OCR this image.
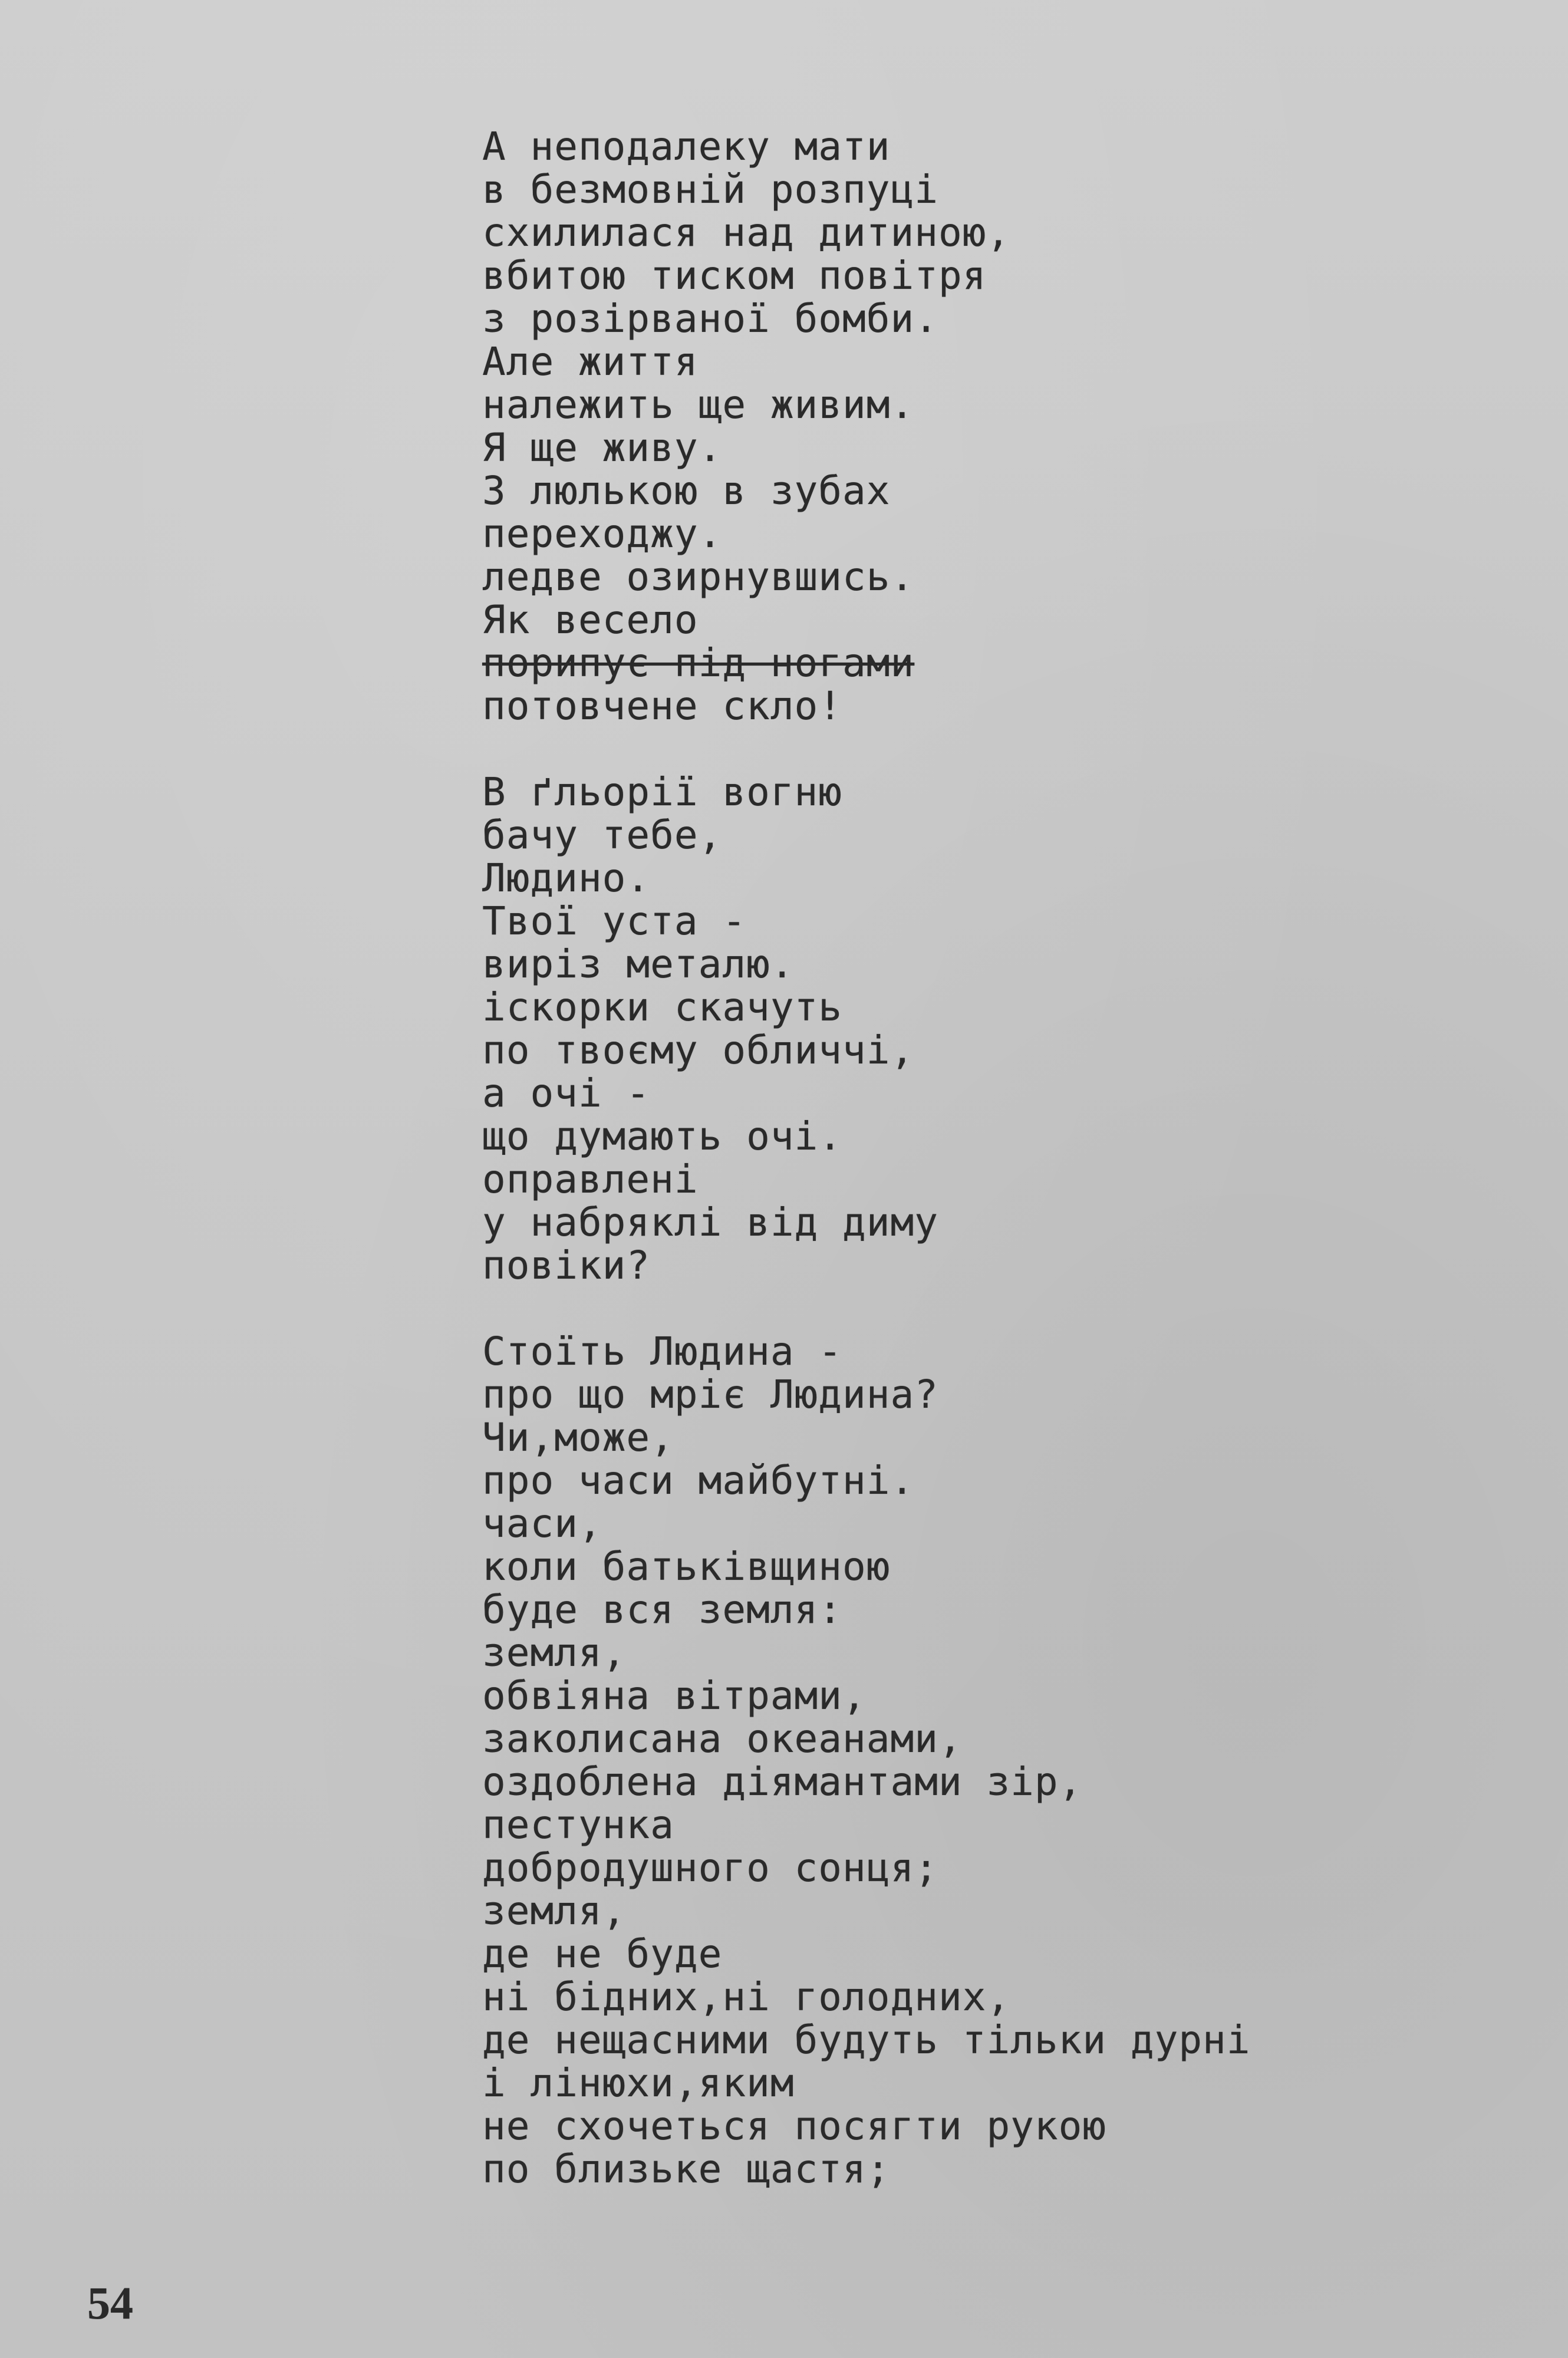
А неподалеку мати
в безмовній розпуці
схилилася над дитиною,
вбитою тиском повітря
з розірваної бомби.
Але життя
належить ще живим.
Я ще живу.
З люлькою в зубах
переходжу.
ледве озирнувшись.
Як весело
порипує під ногами
потовчене скло!
В ґльорії вогню
бачу тебе,
Людино.
Твої уста -
виріз металю.
іскорки скачуть
по твоєму обличчі,
а очі -
що думають очі.
оправлені
у набряклі від диму
повіки?
Стоїть Людина -
про що мріє Людина?
Чи,може,
про часи майбутні.
часи,
коли батьківщиною
буде вся земля:
земля,
обвіяна вітрами,
заколисана океанами,
оздоблена діямантами зір,
пестунка
добродушного сонця;
земля,
де не буде
ні бідних,ні голодних,
де нещасними будуть тільки дурні
і лінюхи,яким
не схочеться посягти рукою
по близьке щастя;
54
